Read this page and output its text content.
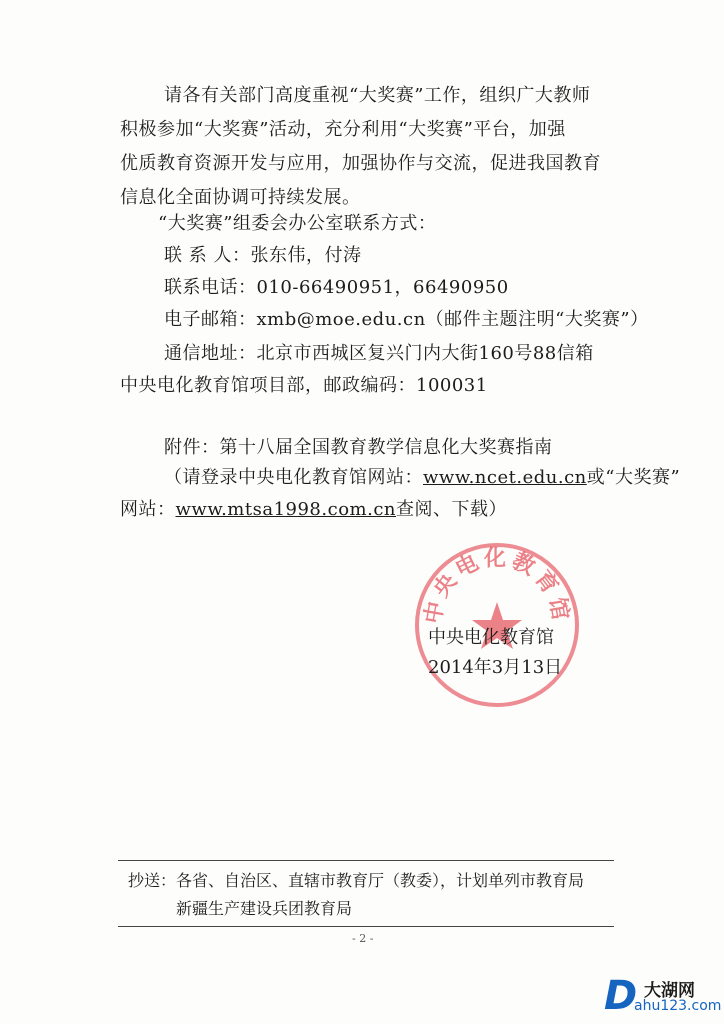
请各有关部门高度重视“大奖赛”工作，组织广大教师
积极参加“大奖赛”活动，充分利用“大奖赛”平台，加强
优质教育资源开发与应用，加强协作与交流，促进我国教育
信息化全面协调可持续发展。
“大奖赛”组委会办公室联系方式：
联 系 人：张东伟，付涛
联系电话：010-66490951，66490950
电子邮箱：xmb@moe.edu.cn（邮件主题注明“大奖赛”）
通信地址：北京市西城区复兴门内大街160号88信箱
中央电化教育馆项目部，邮政编码：100031
附件：第十八届全国教育教学信息化大奖赛指南
（请登录中央电化教育馆网站：www.ncet.edu.cn或“大奖赛”
网站：www.mtsa1998.com.cn查阅、下载）
中央电化教育馆
中央电化教育馆
2014年3月13日
抄送：各省、自治区、直辖市教育厅（教委），计划单列市教育局
新疆生产建设兵团教育局
- 2 -
D 大湖网
ahu123.com
